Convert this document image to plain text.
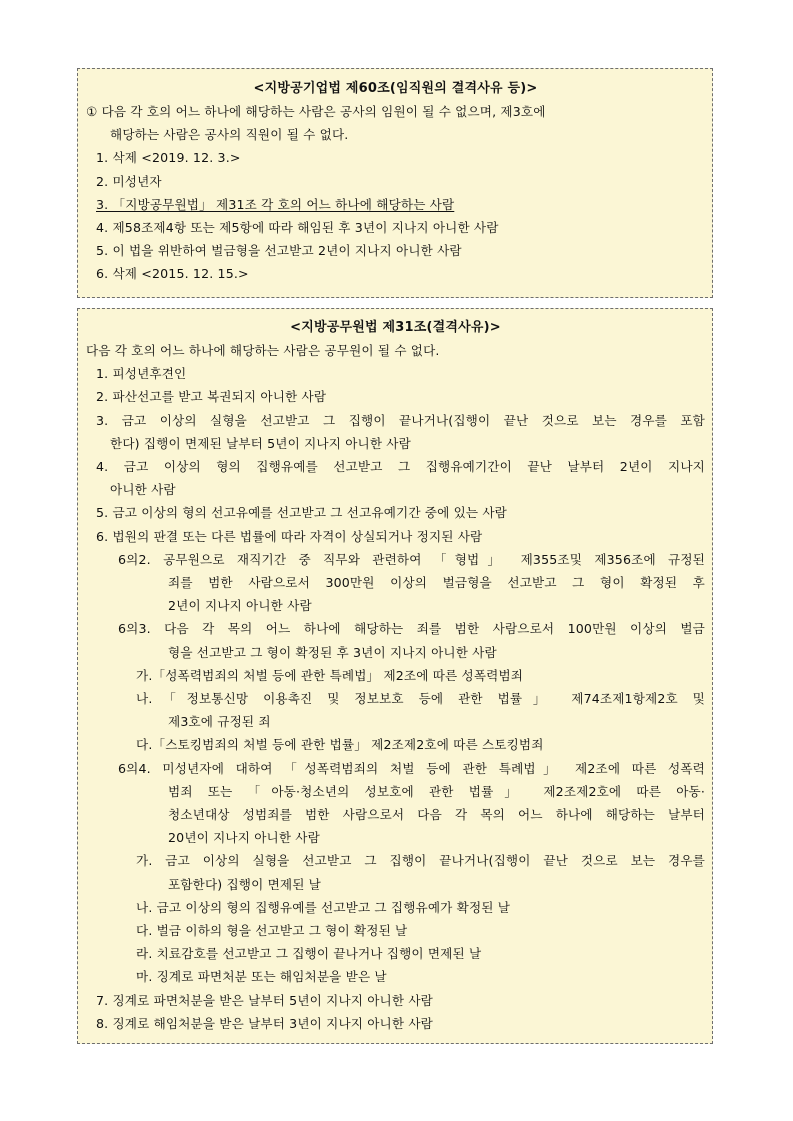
<지방공기업법 제60조(임직원의 결격사유 등)>
① 다음 각 호의 어느 하나에 해당하는 사람은 공사의 임원이 될 수 없으며, 제3호에
해당하는 사람은 공사의 직원이 될 수 없다.
1. 삭제 <2019. 12. 3.>
2. 미성년자
3. 「지방공무원법」 제31조 각 호의 어느 하나에 해당하는 사람
4. 제58조제4항 또는 제5항에 따라 해임된 후 3년이 지나지 아니한 사람
5. 이 법을 위반하여 벌금형을 선고받고 2년이 지나지 아니한 사람
6. 삭제 <2015. 12. 15.>
<지방공무원법 제31조(결격사유)>
다음 각 호의 어느 하나에 해당하는 사람은 공무원이 될 수 없다.
1. 피성년후견인
2. 파산선고를 받고 복권되지 아니한 사람
3. 금고 이상의 실형을 선고받고 그 집행이 끝나거나(집행이 끝난 것으로 보는 경우를 포함
한다) 집행이 면제된 날부터 5년이 지나지 아니한 사람
4. 금고 이상의 형의 집행유예를 선고받고 그 집행유예기간이 끝난 날부터 2년이 지나지
아니한 사람
5. 금고 이상의 형의 선고유예를 선고받고 그 선고유예기간 중에 있는 사람
6. 법원의 판결 또는 다른 법률에 따라 자격이 상실되거나 정지된 사람
6의2. 공무원으로 재직기간 중 직무와 관련하여 「형법」 제355조및 제356조에 규정된
죄를 범한 사람으로서 300만원 이상의 벌금형을 선고받고 그 형이 확정된 후
2년이 지나지 아니한 사람
6의3. 다음 각 목의 어느 하나에 해당하는 죄를 범한 사람으로서 100만원 이상의 벌금
형을 선고받고 그 형이 확정된 후 3년이 지나지 아니한 사람
가.「성폭력범죄의 처벌 등에 관한 특례법」 제2조에 따른 성폭력범죄
나.「정보통신망 이용촉진 및 정보보호 등에 관한 법률」 제74조제1항제2호 및
제3호에 규정된 죄
다.「스토킹범죄의 처벌 등에 관한 법률」 제2조제2호에 따른 스토킹범죄
6의4. 미성년자에 대하여 「성폭력범죄의 처벌 등에 관한 특례법」 제2조에 따른 성폭력
범죄 또는 「아동·청소년의 성보호에 관한 법률」 제2조제2호에 따른 아동·
청소년대상 성범죄를 범한 사람으로서 다음 각 목의 어느 하나에 해당하는 날부터
20년이 지나지 아니한 사람
가. 금고 이상의 실형을 선고받고 그 집행이 끝나거나(집행이 끝난 것으로 보는 경우를
포함한다) 집행이 면제된 날
나. 금고 이상의 형의 집행유예를 선고받고 그 집행유예가 확정된 날
다. 벌금 이하의 형을 선고받고 그 형이 확정된 날
라. 치료감호를 선고받고 그 집행이 끝나거나 집행이 면제된 날
마. 징계로 파면처분 또는 해임처분을 받은 날
7. 징계로 파면처분을 받은 날부터 5년이 지나지 아니한 사람
8. 징계로 해임처분을 받은 날부터 3년이 지나지 아니한 사람
